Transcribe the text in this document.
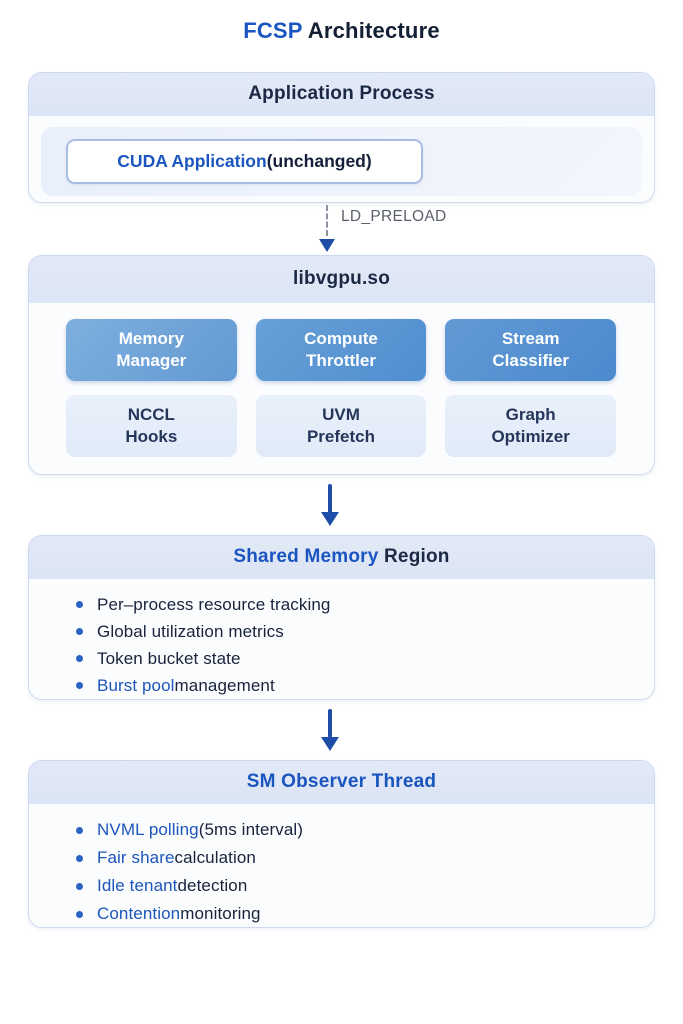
FCSP Architecture
Application Process
CUDA Application (unchanged)
LD_PRELOAD
libvgpu.so
Memory
Manager
Compute
Throttler
Stream
Classifier
NCCL
Hooks
UVM
Prefetch
Graph
Optimizer
Shared Memory Region
Per–process resource tracking
Global utilization metrics
Token bucket state
Burst pool management
SM Observer Thread
NVML polling (5ms interval)
Fair share calculation
Idle tenant detection
Contention monitoring
